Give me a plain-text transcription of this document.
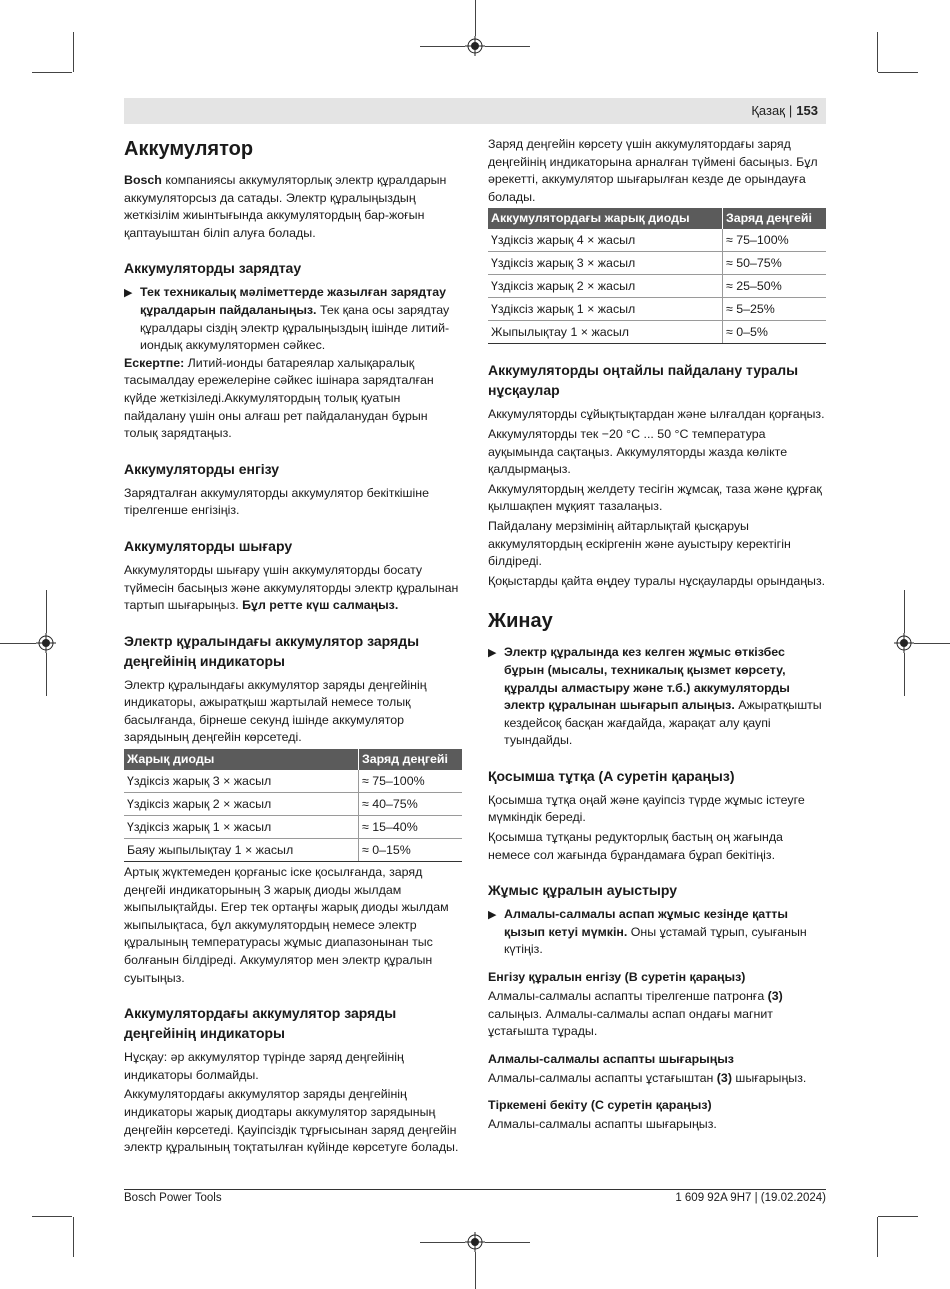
Қазақ | 153
Аккумулятор

Bosch компаниясы аккумуляторлық электр құралдарын аккумуляторсыз да сатады. Электр құралыңыздың жеткізілім жиынтығында аккумулятордың бар-жоғын қаптауыштан біліп алуға болады.

Аккумуляторды зарядтау
▶ Тек техникалық мәліметтерде жазылған зарядтау құралдарын пайдаланыңыз. Тек қана осы зарядтау құралдары сіздің электр құралыңыздың ішінде литий-иондық аккумулятормен сәйкес.

Ескертпе: Литий-ионды батареялар халықаралық тасымалдау ережелеріне сәйкес ішінара зарядталған күйде жеткізіледі.Аккумулятордың толық қуатын пайдалану үшін оны алғаш рет пайдаланудан бұрын толық зарядтаңыз.

Аккумуляторды енгізу

Зарядталған аккумуляторды аккумулятор бекіткішіне тірелгенше енгізіңіз.

Аккумуляторды шығару

Аккумуляторды шығару үшін аккумуляторды босату түймесін басыңыз және аккумуляторды электр құралынан тартып шығарыңыз. Бұл ретте күш салмаңыз.

Электр құралындағы аккумулятор заряды деңгейінің индикаторы

Электр құралындағы аккумулятор заряды деңгейінің индикаторы, ажыратқыш жартылай немесе толық басылғанда, бірнеше секунд ішінде аккумулятор зарядының деңгейін көрсетеді.

Жарық диоды	Заряд деңгейі
Үздіксіз жарық 3 × жасыл	≈ 75–100%
Үздіксіз жарық 2 × жасыл	≈ 40–75%
Үздіксіз жарық 1 × жасыл	≈ 15–40%
Баяу жыпылықтау 1 × жасыл	≈ 0–15%

Артық жүктемеден қорғаныс іске қосылғанда, заряд деңгейі индикаторының 3 жарық диоды жылдам жыпылықтайды. Егер тек ортаңғы жарық диоды жылдам жыпылықтаса, бұл аккумулятордың немесе электр құралының температурасы жұмыс диапазонынан тыс болғанын білдіреді. Аккумулятор мен электр құралын суытыңыз.

Аккумулятордағы аккумулятор заряды деңгейінің индикаторы

Нұсқау: әр аккумулятор түрінде заряд деңгейінің индикаторы болмайды.

Аккумулятордағы аккумулятор заряды деңгейінің индикаторы жарық диодтары аккумулятор зарядының деңгейін көрсетеді. Қауіпсіздік тұрғысынан заряд деңгейін электр құралының тоқтатылған күйінде көрсетуге болады.

Заряд деңгейін көрсету үшін аккумулятордағы заряд деңгейінің индикаторына арналған түймені басыңыз. Бұл әрекетті, аккумулятор шығарылған кезде де орындауға болады.

Аккумулятордағы жарық диоды	Заряд деңгейі
Үздіксіз жарық 4 × жасыл	≈ 75–100%
Үздіксіз жарық 3 × жасыл	≈ 50–75%
Үздіксіз жарық 2 × жасыл	≈ 25–50%
Үздіксіз жарық 1 × жасыл	≈ 5–25%
Жыпылықтау 1 × жасыл	≈ 0–5%
Аккумуляторды оңтайлы пайдалану туралы нұсқаулар

Аккумуляторды сұйықтықтардан және ылғалдан қорғаңыз.

Аккумуляторды тек −20 °C ... 50 °C температура ауқымында сақтаңыз. Аккумуляторды жазда көлікте қалдырмаңыз.

Аккумулятордың желдету тесігін жұмсақ, таза және құрғақ қылшақпен мұқият тазалаңыз.

Пайдалану мерзімінің айтарлықтай қысқаруы аккумулятордың ескіргенін және ауыстыру керектігін білдіреді.

Қоқыстарды қайта өңдеу туралы нұсқауларды орындаңыз.

Жинау
▶ Электр құралында кез келген жұмыс өткізбес бұрын (мысалы, техникалық қызмет көрсету, құралды алмастыру және т.б.) аккумуляторды электр құралынан шығарып алыңыз. Ажыратқышты кездейсоқ басқан жағдайда, жарақат алу қаупі туындайды.

Қосымша тұтқа (A суретін қараңыз)

Қосымша тұтқа оңай және қауіпсіз түрде жұмыс істеуге мүмкіндік береді.

Қосымша тұтқаны редукторлық бастың оң жағында немесе сол жағында бұрандамаға бұрап бекітіңіз.

Жұмыс құралын ауыстыру
▶ Алмалы-салмалы аспап жұмыс кезінде қатты қызып кетуі мүмкін. Оны ұстамай тұрып, суығанын күтіңіз.

Енгізу құралын енгізу (B суретін қараңыз)

Алмалы-салмалы аспапты тірелгенше патронға (3) салыңыз. Алмалы-салмалы аспап ондағы магнит ұстағышта тұрады.

Алмалы-салмалы аспапты шығарыңыз

Алмалы-салмалы аспапты ұстағыштан (3) шығарыңыз.

Тіркемені бекіту (C суретін қараңыз)

Алмалы-салмалы аспапты шығарыңыз.

Bosch Power Tools	1 609 92A 9H7 | (19.02.2024)
